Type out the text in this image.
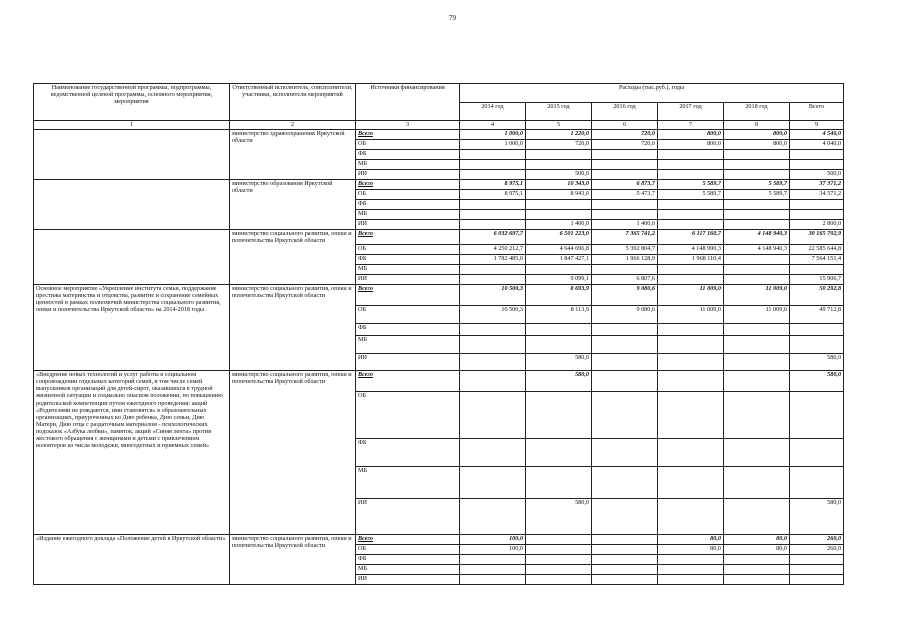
79
Наименование государственной программы, подпрограммы, ведомственной целевой программы, основного мероприятия, мероприятия	Ответственный исполнитель, соисполнители, участники, исполнители мероприятий	Источники финансирования	Расходы (тыс.руб.), годы					
			2014 год	2015 год	2016 год	2017 год	2018 год	Всего
1	2	3	4	5	6	7	8	9
	министерство здравоохранения Иркутской области	Всего	1 000,0	1 220,0	720,0	800,0	800,0	4 540,0
		ОБ	1 000,0	720,0	720,0	800,0	800,0	4 040,0
		ФБ						
		МБ						
		ИИ		500,0				500,0
	министерство образования Иркутской области	Всего	8 975,1	10 343,0	6 873,7	5 589,7	5 589,7	37 371,2
		ОБ	8 975,1	8 943,0	5 473,7	5 589,7	5 589,7	34 571,2
		ФБ						
		МБ						
		ИИ		1 400,0	1 400,0			2 800,0
	министерство социального развития, опеки и попечительства Иркутской области	Всего	6 032 697,7	6 501 223,0	7 365 741,2	6 117 160,7	4 148 940,3	30 165 702,9
		ОБ	4 250 212,7	4 644 696,8	5 392 804,7	4 148 990,3	4 148 940,3	22 585 644,8
		ФБ	1 782 485,0	1 847 427,1	1 966 128,9	1 968 110,4		7 564 151,4
		МБ						
		ИИ		9 099,1	6 807,6			15 906,7
Основное мероприятие «Укрепление института семьи, поддержание престижа материнства и отцовства, развитие и сохранение семейных ценностей в рамках полномочий министерства социального развития, опеки и попечительства Иркутской области» на 2014-2018 годы	министерство социального развития, опеки и попечительства Иркутской области	Всего	10 500,3	8 693,9	9 080,6	11 009,0	11 009,0	50 292,8
		ОБ	10 500,3	8 113,9	9 080,6	11 009,0	11 009,0	49 712,8
		ФБ						
		МБ						
		ИИ		580,0				580,0
«Внедрение новых технологий и услуг работы в социальном сопровождении отдельных категорий семей, в том числе семей выпускников организаций для детей-сирот, оказавшихся в трудной жизненной ситуации и социально опасном положении, по повышению родительской компетенции путем ежегодного проведения: акций «Родителями не рождаются, ими становятся» в образовательных организациях, приуроченных ко Дню ребенка, Дню семьи, Дню Матери, Дню отца с раздаточным материалом - психологических подсказок «Азбука любви», памяток; акций «Синяя лента» против жестокого обращения с женщинами и детьми с привлечением волонтеров из числа молодежи, многодетных и приемных семей»	министерство социального развития, опеки и попечительства Иркутской области	Всего		580,0				580,0
		ОБ						
		ФБ						
		МБ						
		ИИ		580,0				580,0
«Издание ежегодного доклада «Положение детей в Иркутской области»	министерство социального развития, опеки и попечительства Иркутской области	Всего	100,0			80,0	80,0	260,0
		ОБ	100,0			80,0	80,0	260,0
		ФБ						
		МБ						
		ИИ						
